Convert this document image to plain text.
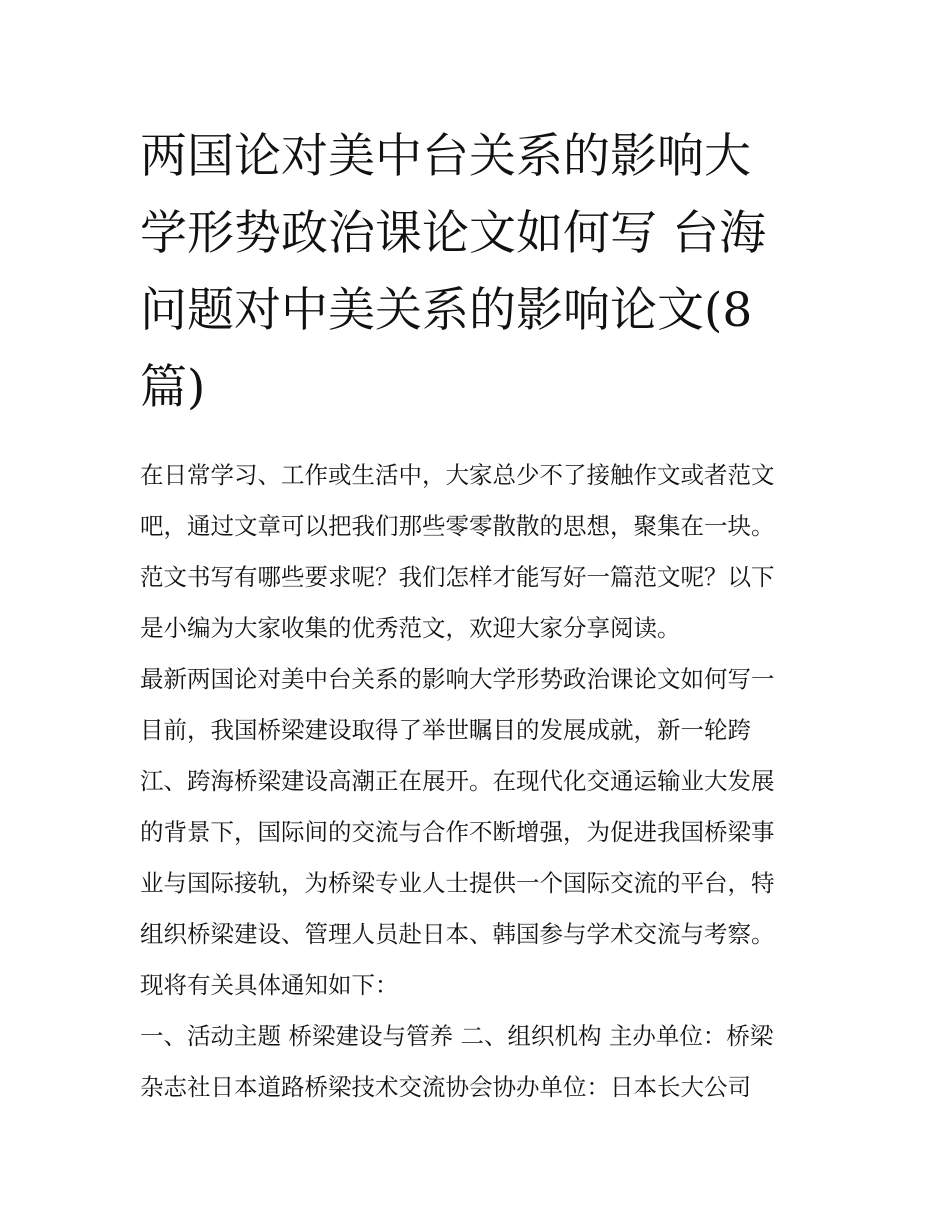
两国论对美中台关系的影响大
学形势政治课论文如何写 台海
问题对中美关系的影响论文(8
篇)
在日常学习、工作或生活中，大家总少不了接触作文或者范文
吧，通过文章可以把我们那些零零散散的思想，聚集在一块。
范文书写有哪些要求呢？我们怎样才能写好一篇范文呢？以下
是小编为大家收集的优秀范文，欢迎大家分享阅读。
最新两国论对美中台关系的影响大学形势政治课论文如何写一
目前，我国桥梁建设取得了举世瞩目的发展成就，新一轮跨
江、跨海桥梁建设高潮正在展开。在现代化交通运输业大发展
的背景下，国际间的交流与合作不断增强，为促进我国桥梁事
业与国际接轨，为桥梁专业人士提供一个国际交流的平台，特
组织桥梁建设、管理人员赴日本、韩国参与学术交流与考察。
现将有关具体通知如下：
一、活动主题 桥梁建设与管养 二、组织机构 主办单位：桥梁
杂志社日本道路桥梁技术交流协会协办单位：日本长大公司
